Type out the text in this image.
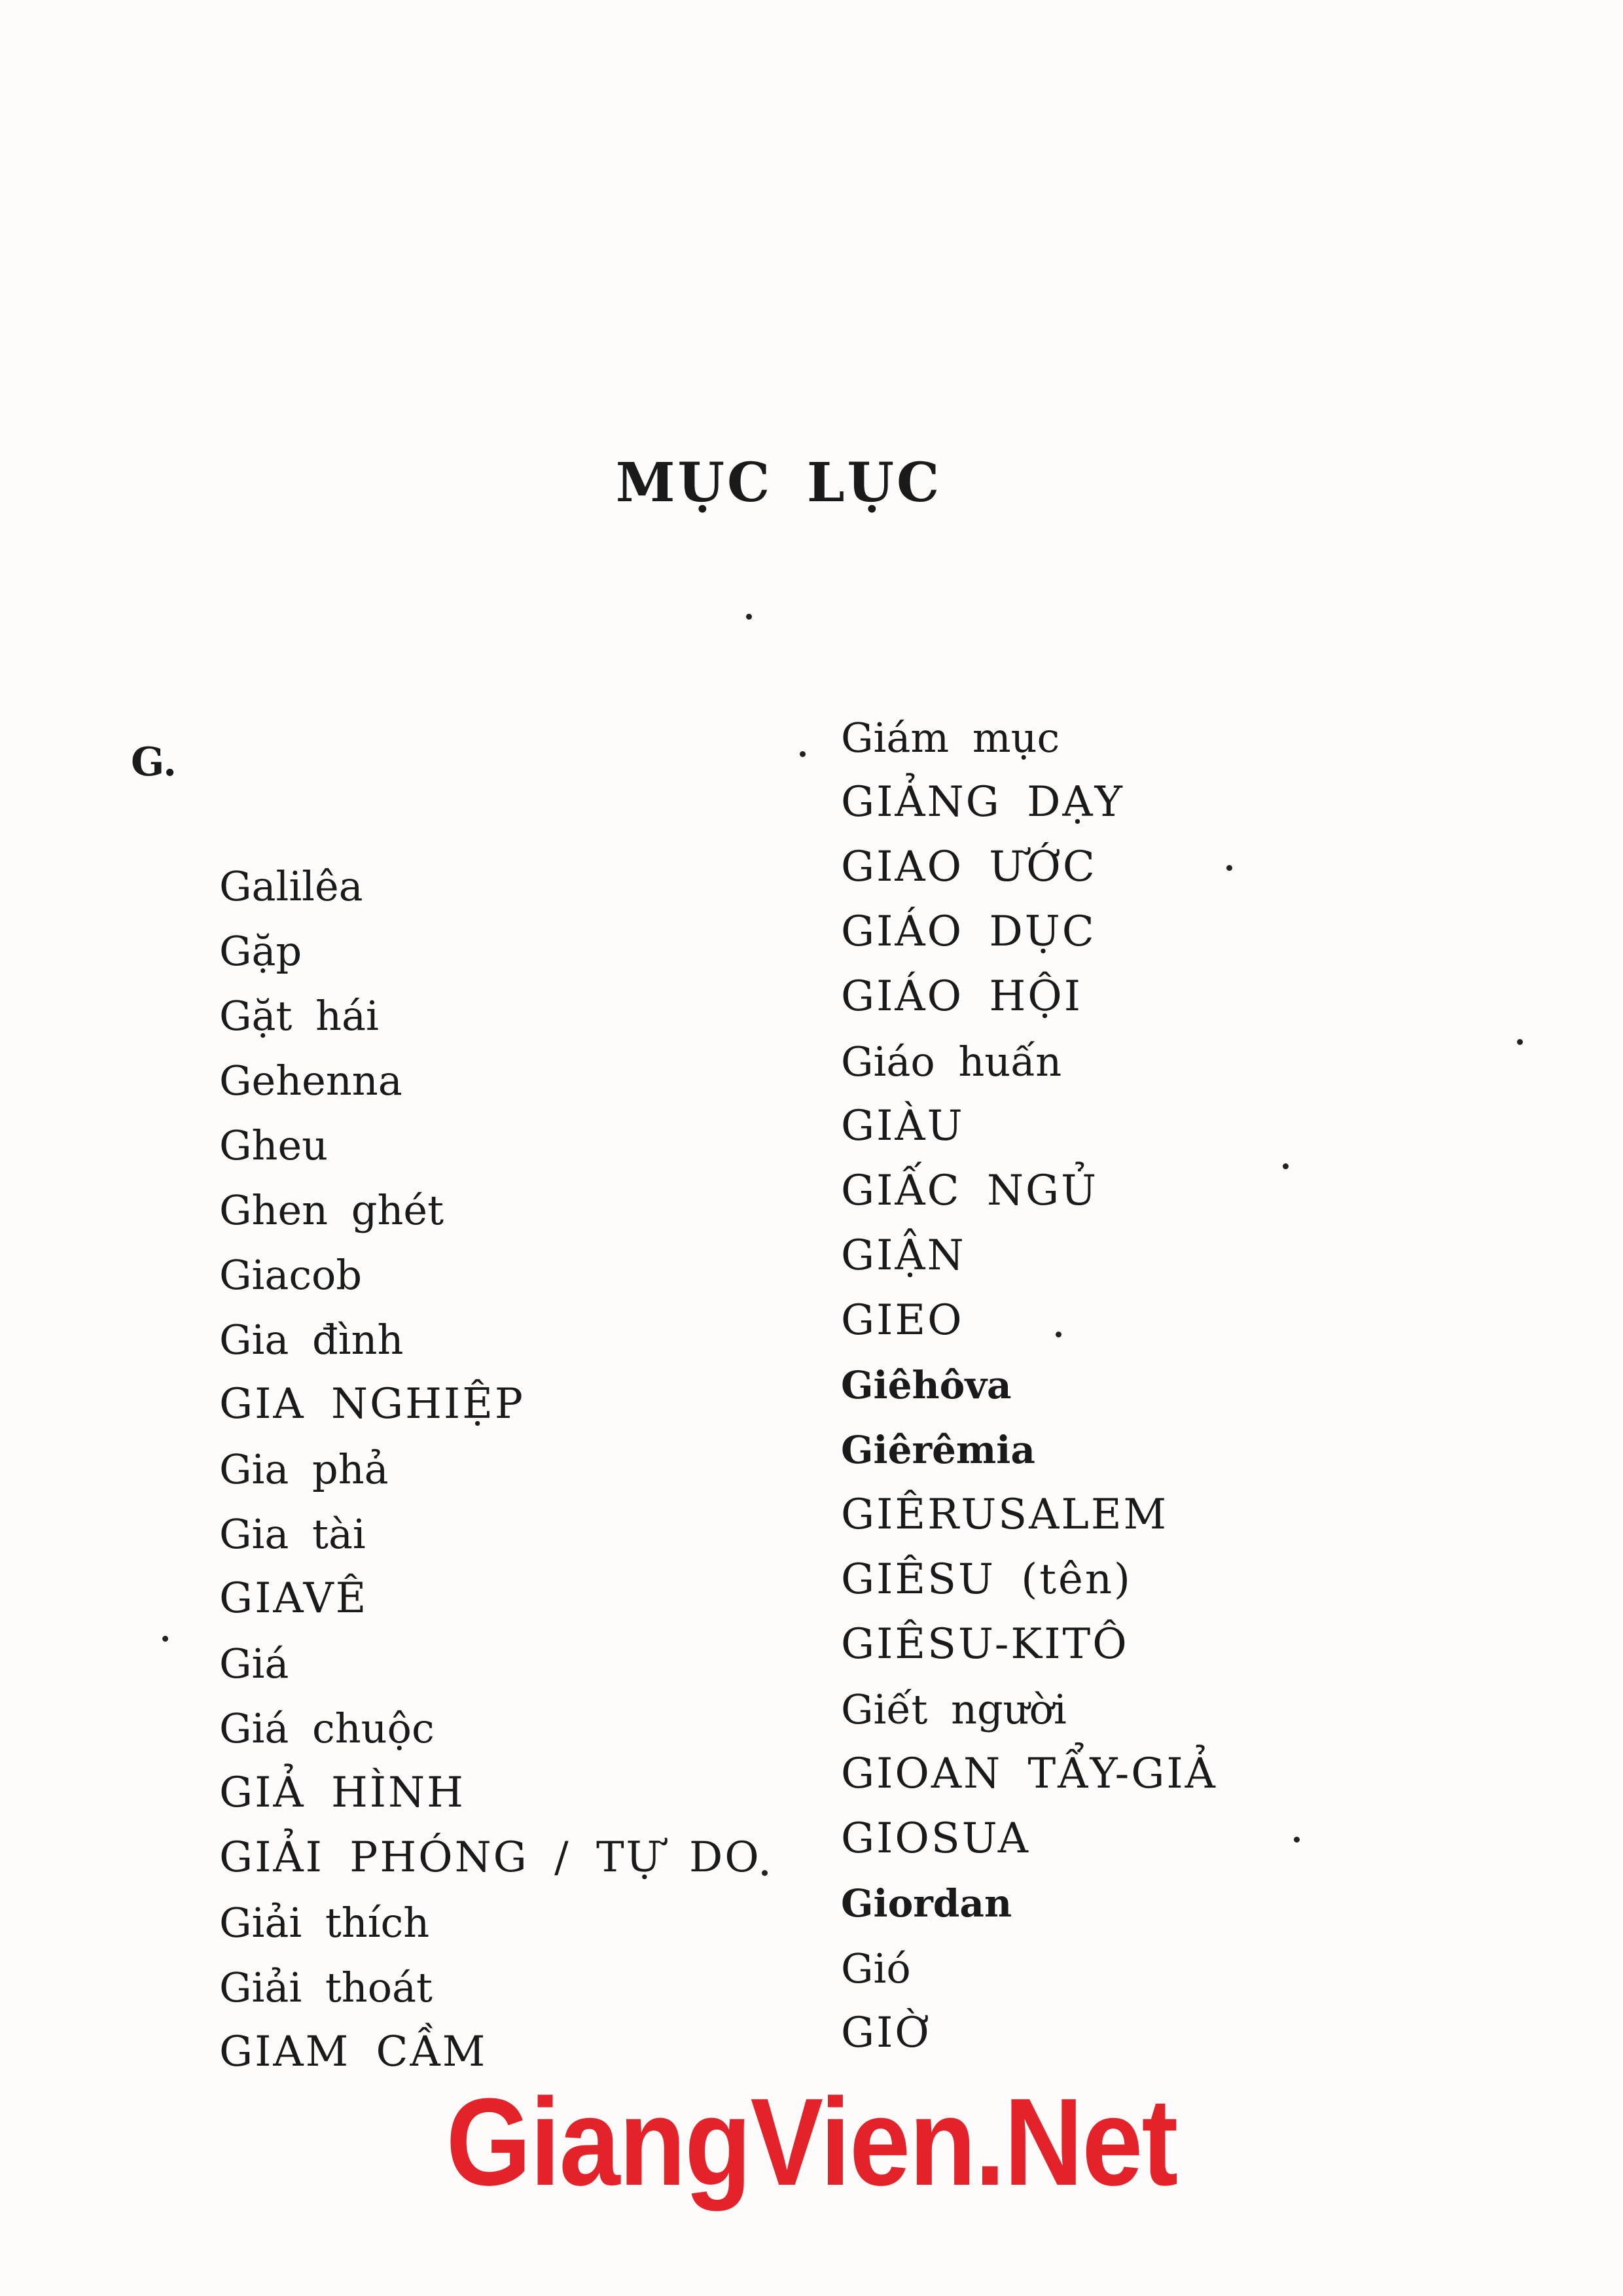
MỤC LỤC
G.
Galilêa
Gặp
Gặt hái
Gehenna
Gheu
Ghen ghét
Giacob
Gia đình
GIA NGHIỆP
Gia phả
Gia tài
GIAVÊ
Giá
Giá chuộc
GIẢ HÌNH
GIẢI PHÓNG / TỰ DO
Giải thích
Giải thoát
GIAM CẦM
Giám mục
GIẢNG DẠY
GIAO ƯỚC
GIÁO DỤC
GIÁO HỘI
Giáo huấn
GIÀU
GIẤC NGỦ
GIẬN
GIEO
Giêhôva
Giêrêmia
GIÊRUSALEM
GIÊSU (tên)
GIÊSU-KITÔ
Giết người
GIOAN TẨY-GIẢ
GIOSUA
Giordan
Gió
GIỜ
GiangVien.Net
